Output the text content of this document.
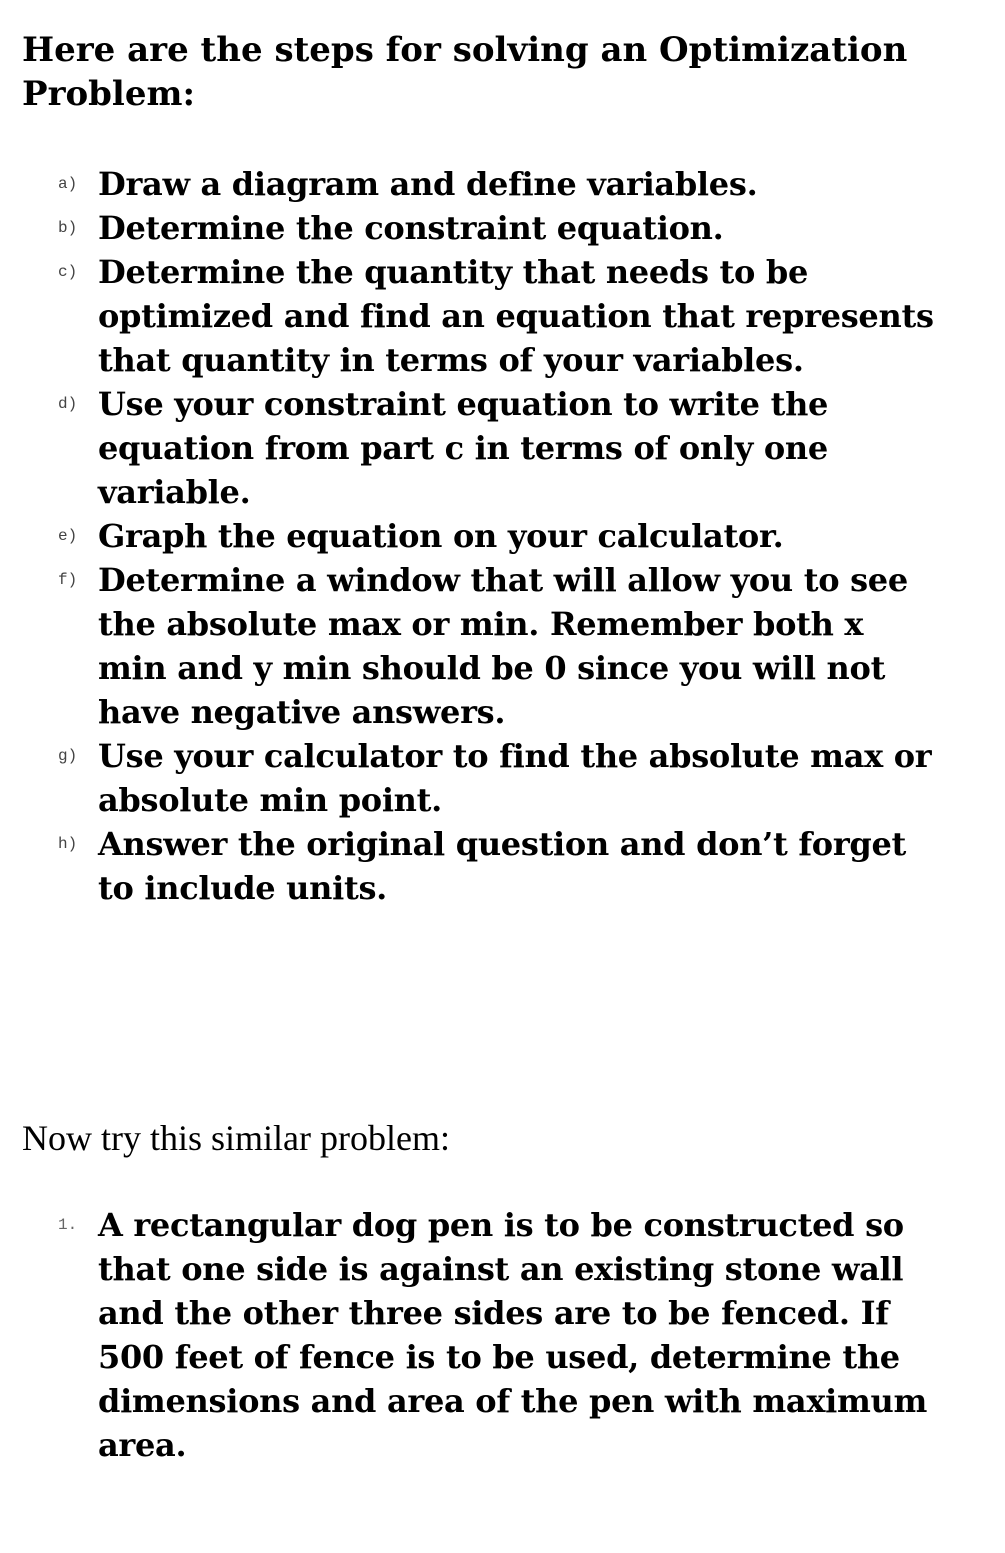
Here are the steps for solving an Optimization Problem:
a) Draw a diagram and define variables.
b) Determine the constraint equation.
c) Determine the quantity that needs to be optimized and find an equation that represents that quantity in terms of your variables.
d) Use your constraint equation to write the equation from part c in terms of only one variable.
e) Graph the equation on your calculator.
f) Determine a window that will allow you to see the absolute max or min. Remember both x min and y min should be 0 since you will not have negative answers.
g) Use your calculator to find the absolute max or absolute min point.
h) Answer the original question and don’t forget to include units.

Now try this similar problem:

1. A rectangular dog pen is to be constructed so that one side is against an existing stone wall and the other three sides are to be fenced. If 500 feet of fence is to be used, determine the dimensions and area of the pen with maximum area.
